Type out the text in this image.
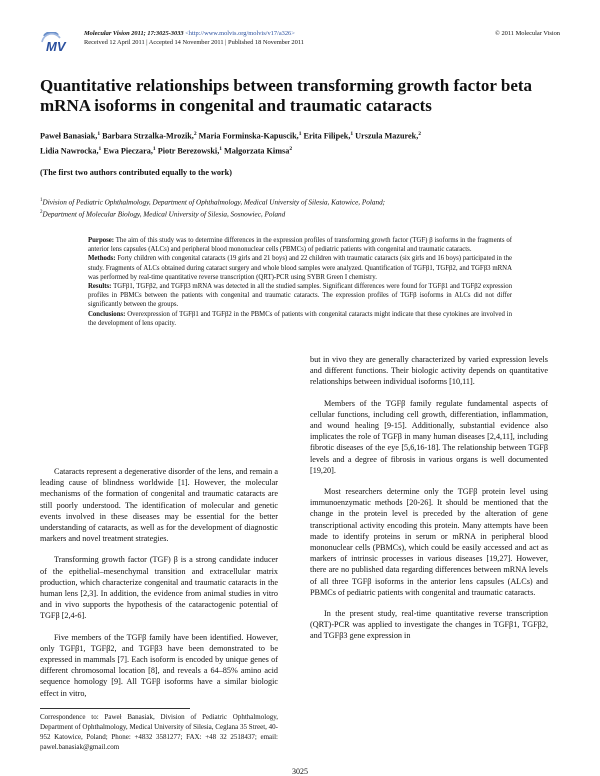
MV
Molecular Vision 2011; 17:3025-3033 <http://www.molvis.org/molvis/v17/a326>
Received 12 April 2011 | Accepted 14 November 2011 | Published 18 November 2011
© 2011 Molecular Vision
Quantitative relationships between transforming growth factor beta mRNA isoforms in congenital and traumatic cataracts
Paweł Banasiak,$^1$ Barbara Strzalka-Mrozik,$^2$ Maria Forminska-Kapuscik,$^1$ Erita Filipek,$^1$ Urszula Mazurek,$^2$
Lidia Nawrocka,$^1$ Ewa Pieczara,$^1$ Piotr Berezowski,$^1$ Malgorzata Kimsa$^2$
(The first two authors contributed equally to the work)
$^1$Division of Pediatric Ophthalmology, Department of Ophthalmology, Medical University of Silesia, Katowice, Poland;
$^2$Department of Molecular Biology, Medical University of Silesia, Sosnowiec, Poland

Purpose: The aim of this study was to determine differences in the expression profiles of transforming growth factor (TGF) β isoforms in the fragments of anterior lens capsules (ALCs) and peripheral blood mononuclear cells (PBMCs) of pediatric patients with congenital and traumatic cataracts.

Methods: Forty children with congenital cataracts (19 girls and 21 boys) and 22 children with traumatic cataracts (six girls and 16 boys) participated in the study. Fragments of ALCs obtained during cataract surgery and whole blood samples were analyzed. Quantification of TGFβ1, TGFβ2, and TGFβ3 mRNA was performed by real-time quantitative reverse transcription (QRT)-PCR using SYBR Green I chemistry.

Results: TGFβ1, TGFβ2, and TGFβ3 mRNA was detected in all the studied samples. Significant differences were found for TGFβ1 and TGFβ2 expression profiles in PBMCs between the patients with congenital and traumatic cataracts. The expression profiles of TGFβ isoforms in ALCs did not differ significantly between the groups.

Conclusions: Overexpression of TGFβ1 and TGFβ2 in the PBMCs of patients with congenital cataracts might indicate that these cytokines are involved in the development of lens opacity.

Cataracts represent a degenerative disorder of the lens, and remain a leading cause of blindness worldwide [1]. However, the molecular mechanisms of the formation of congenital and traumatic cataracts are still poorly understood. The identification of molecular and genetic events involved in these diseases may be essential for the better understanding of cataracts, as well as for the development of diagnostic markers and novel treatment strategies.

Transforming growth factor (TGF) β is a strong candidate inducer of the epithelial–mesenchymal transition and extracellular matrix production, which characterize congenital and traumatic cataracts in the human lens [2,3]. In addition, the evidence from animal studies in vitro and in vivo supports the hypothesis of the cataractogenic potential of TGFβ [2,4-6].

Five members of the TGFβ family have been identified. However, only TGFβ1, TGFβ2, and TGFβ3 have been demonstrated to be expressed in mammals [7]. Each isoform is encoded by unique genes of different chromosomal location [8], and reveals a 64–85% amino acid sequence homology [9]. All TGFβ isoforms have a similar biologic effect in vitro,

but in vivo they are generally characterized by varied expression levels and different functions. Their biologic activity depends on quantitative relationships between individual isoforms [10,11].

Members of the TGFβ family regulate fundamental aspects of cellular functions, including cell growth, differentiation, inflammation, and wound healing [9-15]. Additionally, substantial evidence also implicates the role of TGFβ in many human diseases [2,4,11], including fibrotic diseases of the eye [5,6,16-18]. The relationship between TGFβ levels and a degree of fibrosis in various organs is well documented [19,20].

Most researchers determine only the TGFβ protein level using immunoenzymatic methods [20-26]. It should be mentioned that the change in the protein level is preceded by the alteration of gene transcriptional activity encoding this protein. Many attempts have been made to identify proteins in serum or mRNA in peripheral blood mononuclear cells (PBMCs), which could be easily accessed and act as markers of intrinsic processes in various diseases [19,27]. However, there are no published data regarding differences between mRNA levels of all three TGFβ isoforms in the anterior lens capsules (ALCs) and PBMCs of pediatric patients with congenital and traumatic cataracts.

In the present study, real-time quantitative reverse transcription (QRT)-PCR was applied to investigate the changes in TGFβ1, TGFβ2, and TGFβ3 gene expression in

Correspondence to: Paweł Banasiak, Division of Pediatric Ophthalmology, Department of Ophthalmology, Medical University of Silesia, Ceglana 35 Street, 40-952 Katowice, Poland; Phone: +4832 3581277; FAX: +48 32 2518437; email: pawel.banasiak@gmail.com
3025
